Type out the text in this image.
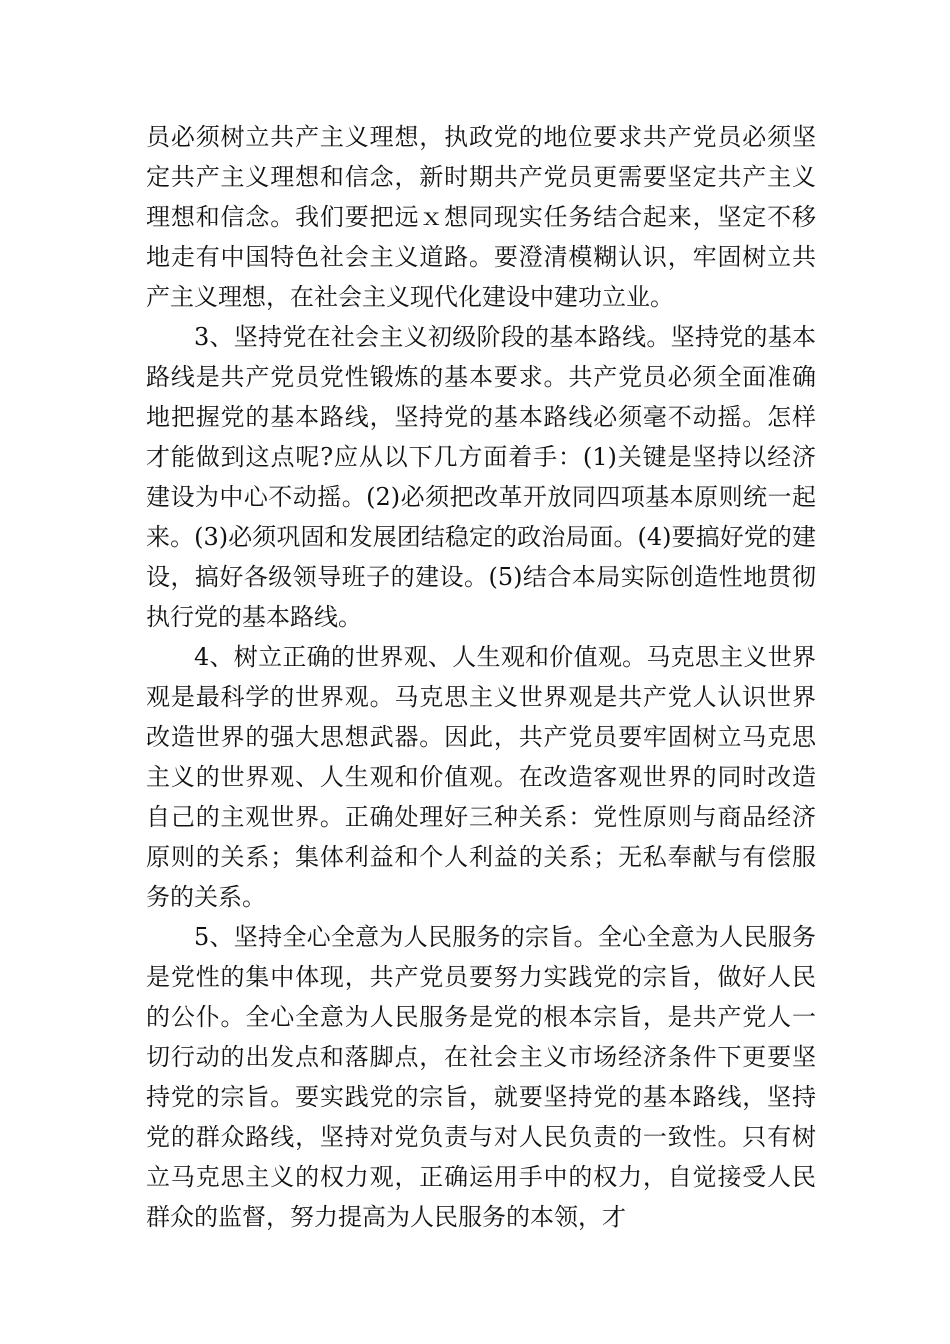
员必须树立共产主义理想，执政党的地位要求共产党员必须坚定共产主义理想和信念，新时期共产党员更需要坚定共产主义理想和信念。我们要把远ｘ想同现实任务结合起来，坚定不移地走有中国特色社会主义道路。要澄清模糊认识，牢固树立共产主义理想，在社会主义现代化建设中建功立业。

3、坚持党在社会主义初级阶段的基本路线。坚持党的基本路线是共产党员党性锻炼的基本要求。共产党员必须全面准确地把握党的基本路线，坚持党的基本路线必须毫不动摇。怎样才能做到这点呢?应从以下几方面着手：(1)关键是坚持以经济建设为中心不动摇。(2)必须把改革开放同四项基本原则统一起来。(3)必须巩固和发展团结稳定的政治局面。(4)要搞好党的建设，搞好各级领导班子的建设。(5)结合本局实际创造性地贯彻执行党的基本路线。

4、树立正确的世界观、人生观和价值观。马克思主义世界观是最科学的世界观。马克思主义世界观是共产党人认识世界改造世界的强大思想武器。因此，共产党员要牢固树立马克思主义的世界观、人生观和价值观。在改造客观世界的同时改造自己的主观世界。正确处理好三种关系：党性原则与商品经济原则的关系；集体利益和个人利益的关系；无私奉献与有偿服务的关系。

5、坚持全心全意为人民服务的宗旨。全心全意为人民服务是党性的集中体现，共产党员要努力实践党的宗旨，做好人民的公仆。全心全意为人民服务是党的根本宗旨，是共产党人一切行动的出发点和落脚点，在社会主义市场经济条件下更要坚持党的宗旨。要实践党的宗旨，就要坚持党的基本路线，坚持党的群众路线，坚持对党负责与对人民负责的一致性。只有树立马克思主义的权力观，正确运用手中的权力，自觉接受人民群众的监督，努力提高为人民服务的本领，才
